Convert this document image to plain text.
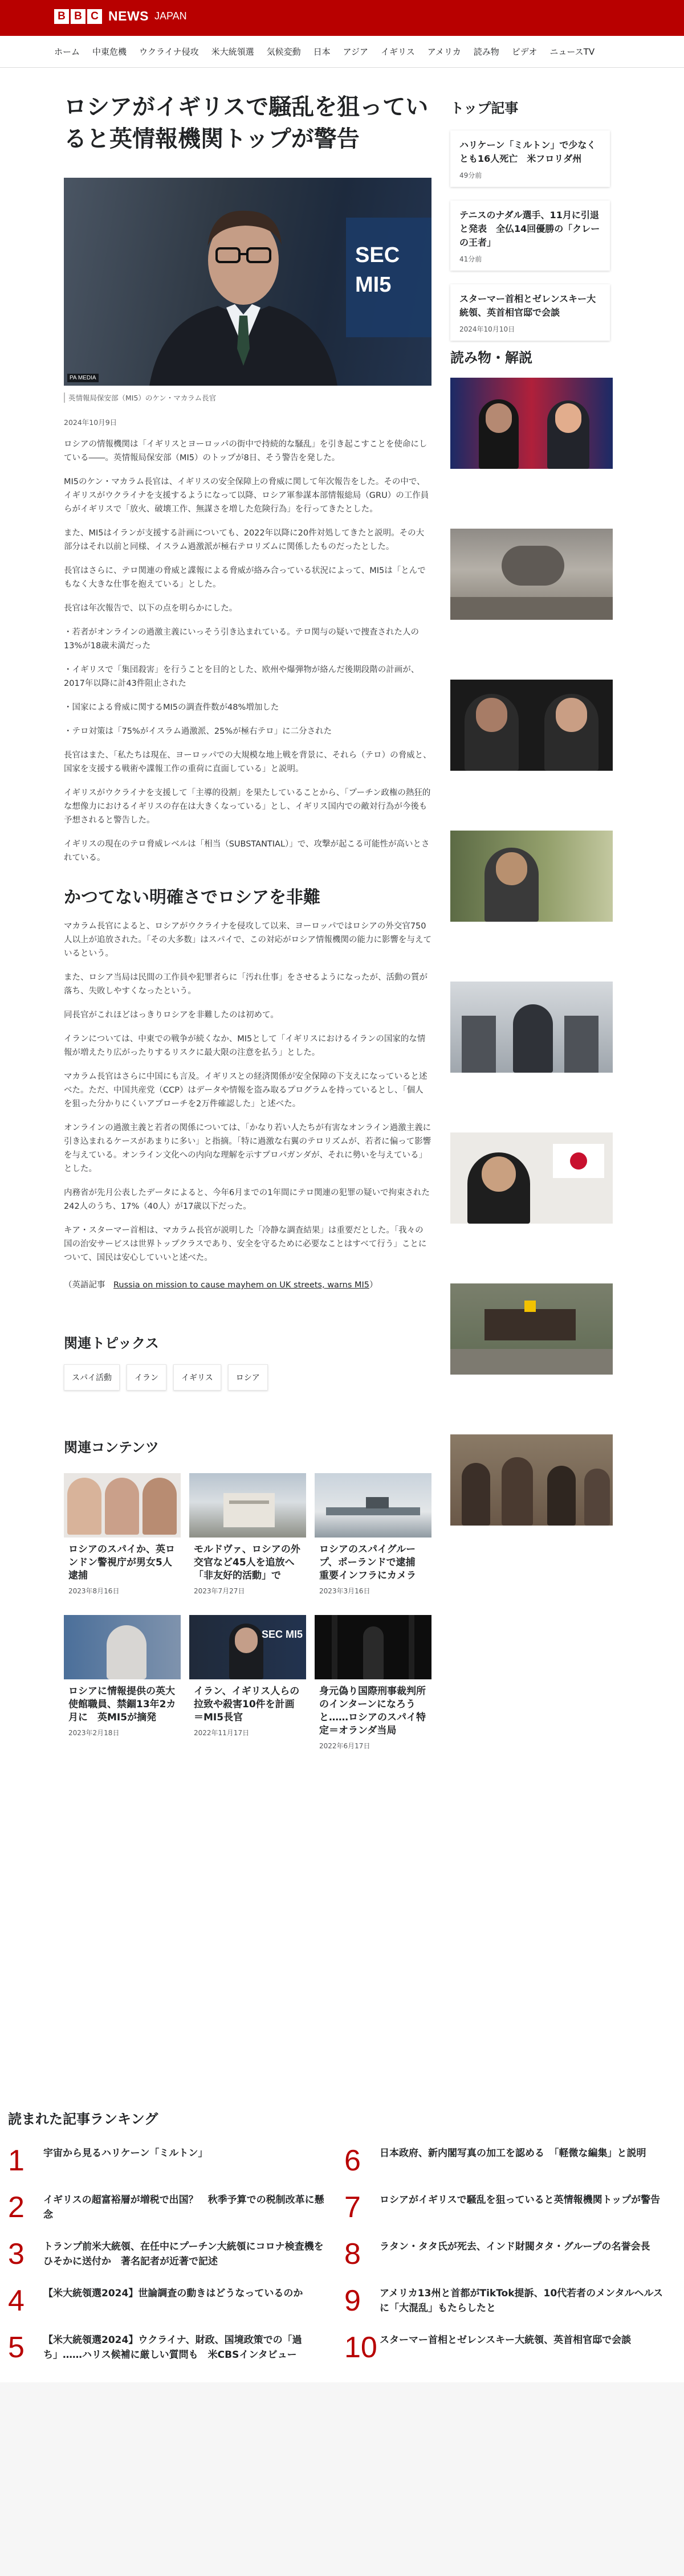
B B C NEWS JAPAN
ホーム 中東危機 ウクライナ侵攻 米大統領選 気候変動 日本 アジア イギリス アメリカ 読み物 ビデオ ニュースTV
ロシアがイギリスで騒乱を狙っていると英情報機関トップが警告
SEC MI5
PA MEDIA
英情報局保安部（MI5）のケン・マカラム長官
2024年10月9日

ロシアの情報機関は「イギリスとヨーロッパの街中で持続的な騒乱」を引き起こすことを使命にしている――。英情報局保安部（MI5）のトップが8日、そう警告を発した。

MI5のケン・マカラム長官は、イギリスの安全保障上の脅威に関して年次報告をした。その中で、イギリスがウクライナを支援するようになって以降、ロシア軍参謀本部情報総局（GRU）の工作員らがイギリスで「放火、破壊工作、無謀さを増した危険行為」を行ってきたとした。

また、MI5はイランが支援する計画についても、2022年以降に20件対処してきたと説明。その大部分はそれ以前と同様、イスラム過激派が極右テロリズムに関係したものだったとした。

長官はさらに、テロ関連の脅威と諜報による脅威が絡み合っている状況によって、MI5は「とんでもなく大きな仕事を抱えている」とした。

長官は年次報告で、以下の点を明らかにした。

・若者がオンラインの過激主義にいっそう引き込まれている。テロ関与の疑いで捜査された人の13%が18歳未満だった

・イギリスで「集団殺害」を行うことを目的とした、欧州や爆弾物が絡んだ後期段階の計画が、2017年以降に計43件阻止された

・国家による脅威に関するMI5の調査件数が48%増加した

・テロ対策は「75%がイスラム過激派、25%が極右テロ」に二分された

長官はまた、「私たちは現在、ヨーロッパでの大規模な地上戦を背景に、それら（テロ）の脅威と、国家を支援する戦術や諜報工作の重荷に直面している」と説明。

イギリスがウクライナを支援して「主導的役割」を果たしていることから、「プーチン政権の熱狂的な想像力におけるイギリスの存在は大きくなっている」とし、イギリス国内での敵対行為が今後も予想されると警告した。

イギリスの現在のテロ脅威レベルは「相当（SUBSTANTIAL）」で、攻撃が起こる可能性が高いとされている。

かつてない明確さでロシアを非難

マカラム長官によると、ロシアがウクライナを侵攻して以来、ヨーロッパではロシアの外交官750人以上が追放された。「その大多数」はスパイで、この対応がロシア情報機関の能力に影響を与えているという。

また、ロシア当局は民間の工作員や犯罪者らに「汚れ仕事」をさせるようになったが、活動の質が落ち、失敗しやすくなったという。

同長官がこれほどはっきりロシアを非難したのは初めて。

イランについては、中東での戦争が続くなか、MI5として「イギリスにおけるイランの国家的な情報が増えたり広がったりするリスクに最大限の注意を払う」とした。

マカラム長官はさらに中国にも言及。イギリスとの経済関係が安全保障の下支えになっていると述べた。ただ、中国共産党（CCP）はデータや情報を盗み取るプログラムを持っているとし、「個人を狙った分かりにくいアプローチを2万件確認した」と述べた。

オンラインの過激主義と若者の関係については、「かなり若い人たちが有害なオンライン過激主義に引き込まれるケースがあまりに多い」と指摘。「特に過激な右翼のテロリズムが、若者に偏って影響を与えている。オンライン文化への内向な理解を示すプロパガンダが、それに勢いを与えている」とした。

内務省が先月公表したデータによると、今年6月までの1年間にテロ関連の犯罪の疑いで拘束された242人のうち、17%（40人）が17歳以下だった。

キア・スターマー首相は、マカラム長官が説明した「冷静な調査結果」は重要だとした。「我々の国の治安サービスは世界トップクラスであり、安全を守るために必要なことはすべて行う」ことについて、国民は安心していいと述べた。

（英語記事　Russia on mission to cause mayhem on UK streets, warns MI5）

関連トピックス
スパイ活動	イラン	イギリス	ロシア
関連コンテンツ
ロシアのスパイか、英ロンドン警視庁が男女5人逮捕
2023年8月16日
モルドヴァ、ロシアの外交官など45人を追放へ　「非友好的活動」で
2023年7月27日
ロシアのスパイグループ、ポーランドで逮捕　重要インフラにカメラ
2023年3月16日
ロシアに情報提供の英大使館職員、禁錮13年2カ月に　英MI5が摘発
2023年2月18日
SEC MI5
イラン、イギリス人らの拉致や殺害10件を計画＝MI5長官
2022年11月17日
身元偽り国際刑事裁判所のインターンになろうと……ロシアのスパイ特定＝オランダ当局
2022年6月17日
トップ記事
ハリケーン「ミルトン」で少なくとも16人死亡　米フロリダ州
49分前
テニスのナダル選手、11月に引退と発表　全仏14回優勝の「クレーの王者」
41分前
スターマー首相とゼレンスキー大統領、英首相官邸で会談
2024年10月10日
読み物・解説
読まれた記事ランキング
1	宇宙から見るハリケーン「ミルトン」	6	日本政府、新内閣写真の加工を認める　「軽微な編集」と説明
2	イギリスの超富裕層が増税で出国？　秋季予算での税制改革に懸念	7	ロシアがイギリスで騒乱を狙っていると英情報機関トップが警告
3	トランプ前米大統領、在任中にプーチン大統領にコロナ検査機をひそかに送付か　著名記者が近著で記述	8	ラタン・タタ氏が死去、インド財閥タタ・グループの名誉会長
4	【米大統領選2024】世論調査の動きはどうなっているのか	9	アメリカ13州と首都がTikTok提訴、10代若者のメンタルヘルスに「大混乱」もたらしたと
5	【米大統領選2024】ウクライナ、財政、国境政策での「過ち」……ハリス候補に厳しい質問も　米CBSインタビュー	10 スターマー首相とゼレンスキー大統領、英首相官邸で会談
